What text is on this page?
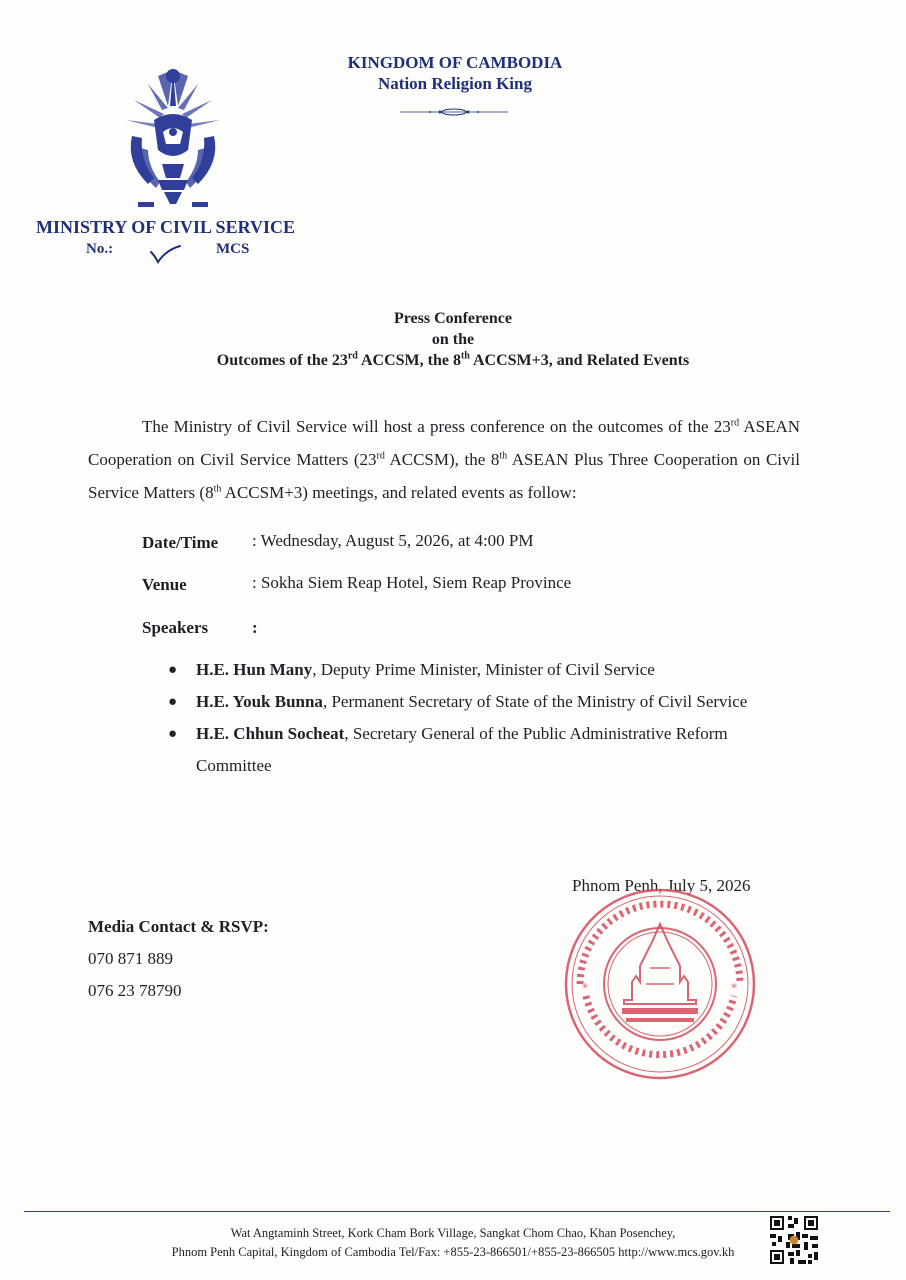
KINGDOM OF CAMBODIA
Nation Religion King
MINISTRY OF CIVIL SERVICE
No.:	MCS
Press Conference
on the
Outcomes of the 23rd ACCSM, the 8th ACCSM+3, and Related Events
The Ministry of Civil Service will host a press conference on the outcomes of the 23rd ASEAN Cooperation on Civil Service Matters (23rd ACCSM), the 8th ASEAN Plus Three Cooperation on Civil Service Matters (8th ACCSM+3) meetings, and related events as follow:
Date/Time : Wednesday, August 5, 2026, at 4:00 PM
Venue	: Sokha Siem Reap Hotel, Siem Reap Province
Speakers	:
● H.E. Hun Many, Deputy Prime Minister, Minister of Civil Service
● H.E. Youk Bunna, Permanent Secretary of State of the Ministry of Civil Service
● H.E. Chhun Socheat, Secretary General of the Public Administrative Reform Committee
Phnom Penh, July 5, 2026
*	*
Media Contact & RSVP:
070 871 889
076 23 78790
Wat Angtaminh Street, Kork Cham Bork Village, Sangkat Chom Chao, Khan Posenchey,
Phnom Penh Capital, Kingdom of Cambodia Tel/Fax: +855-23-866501/+855-23-866505 http://www.mcs.gov.kh
